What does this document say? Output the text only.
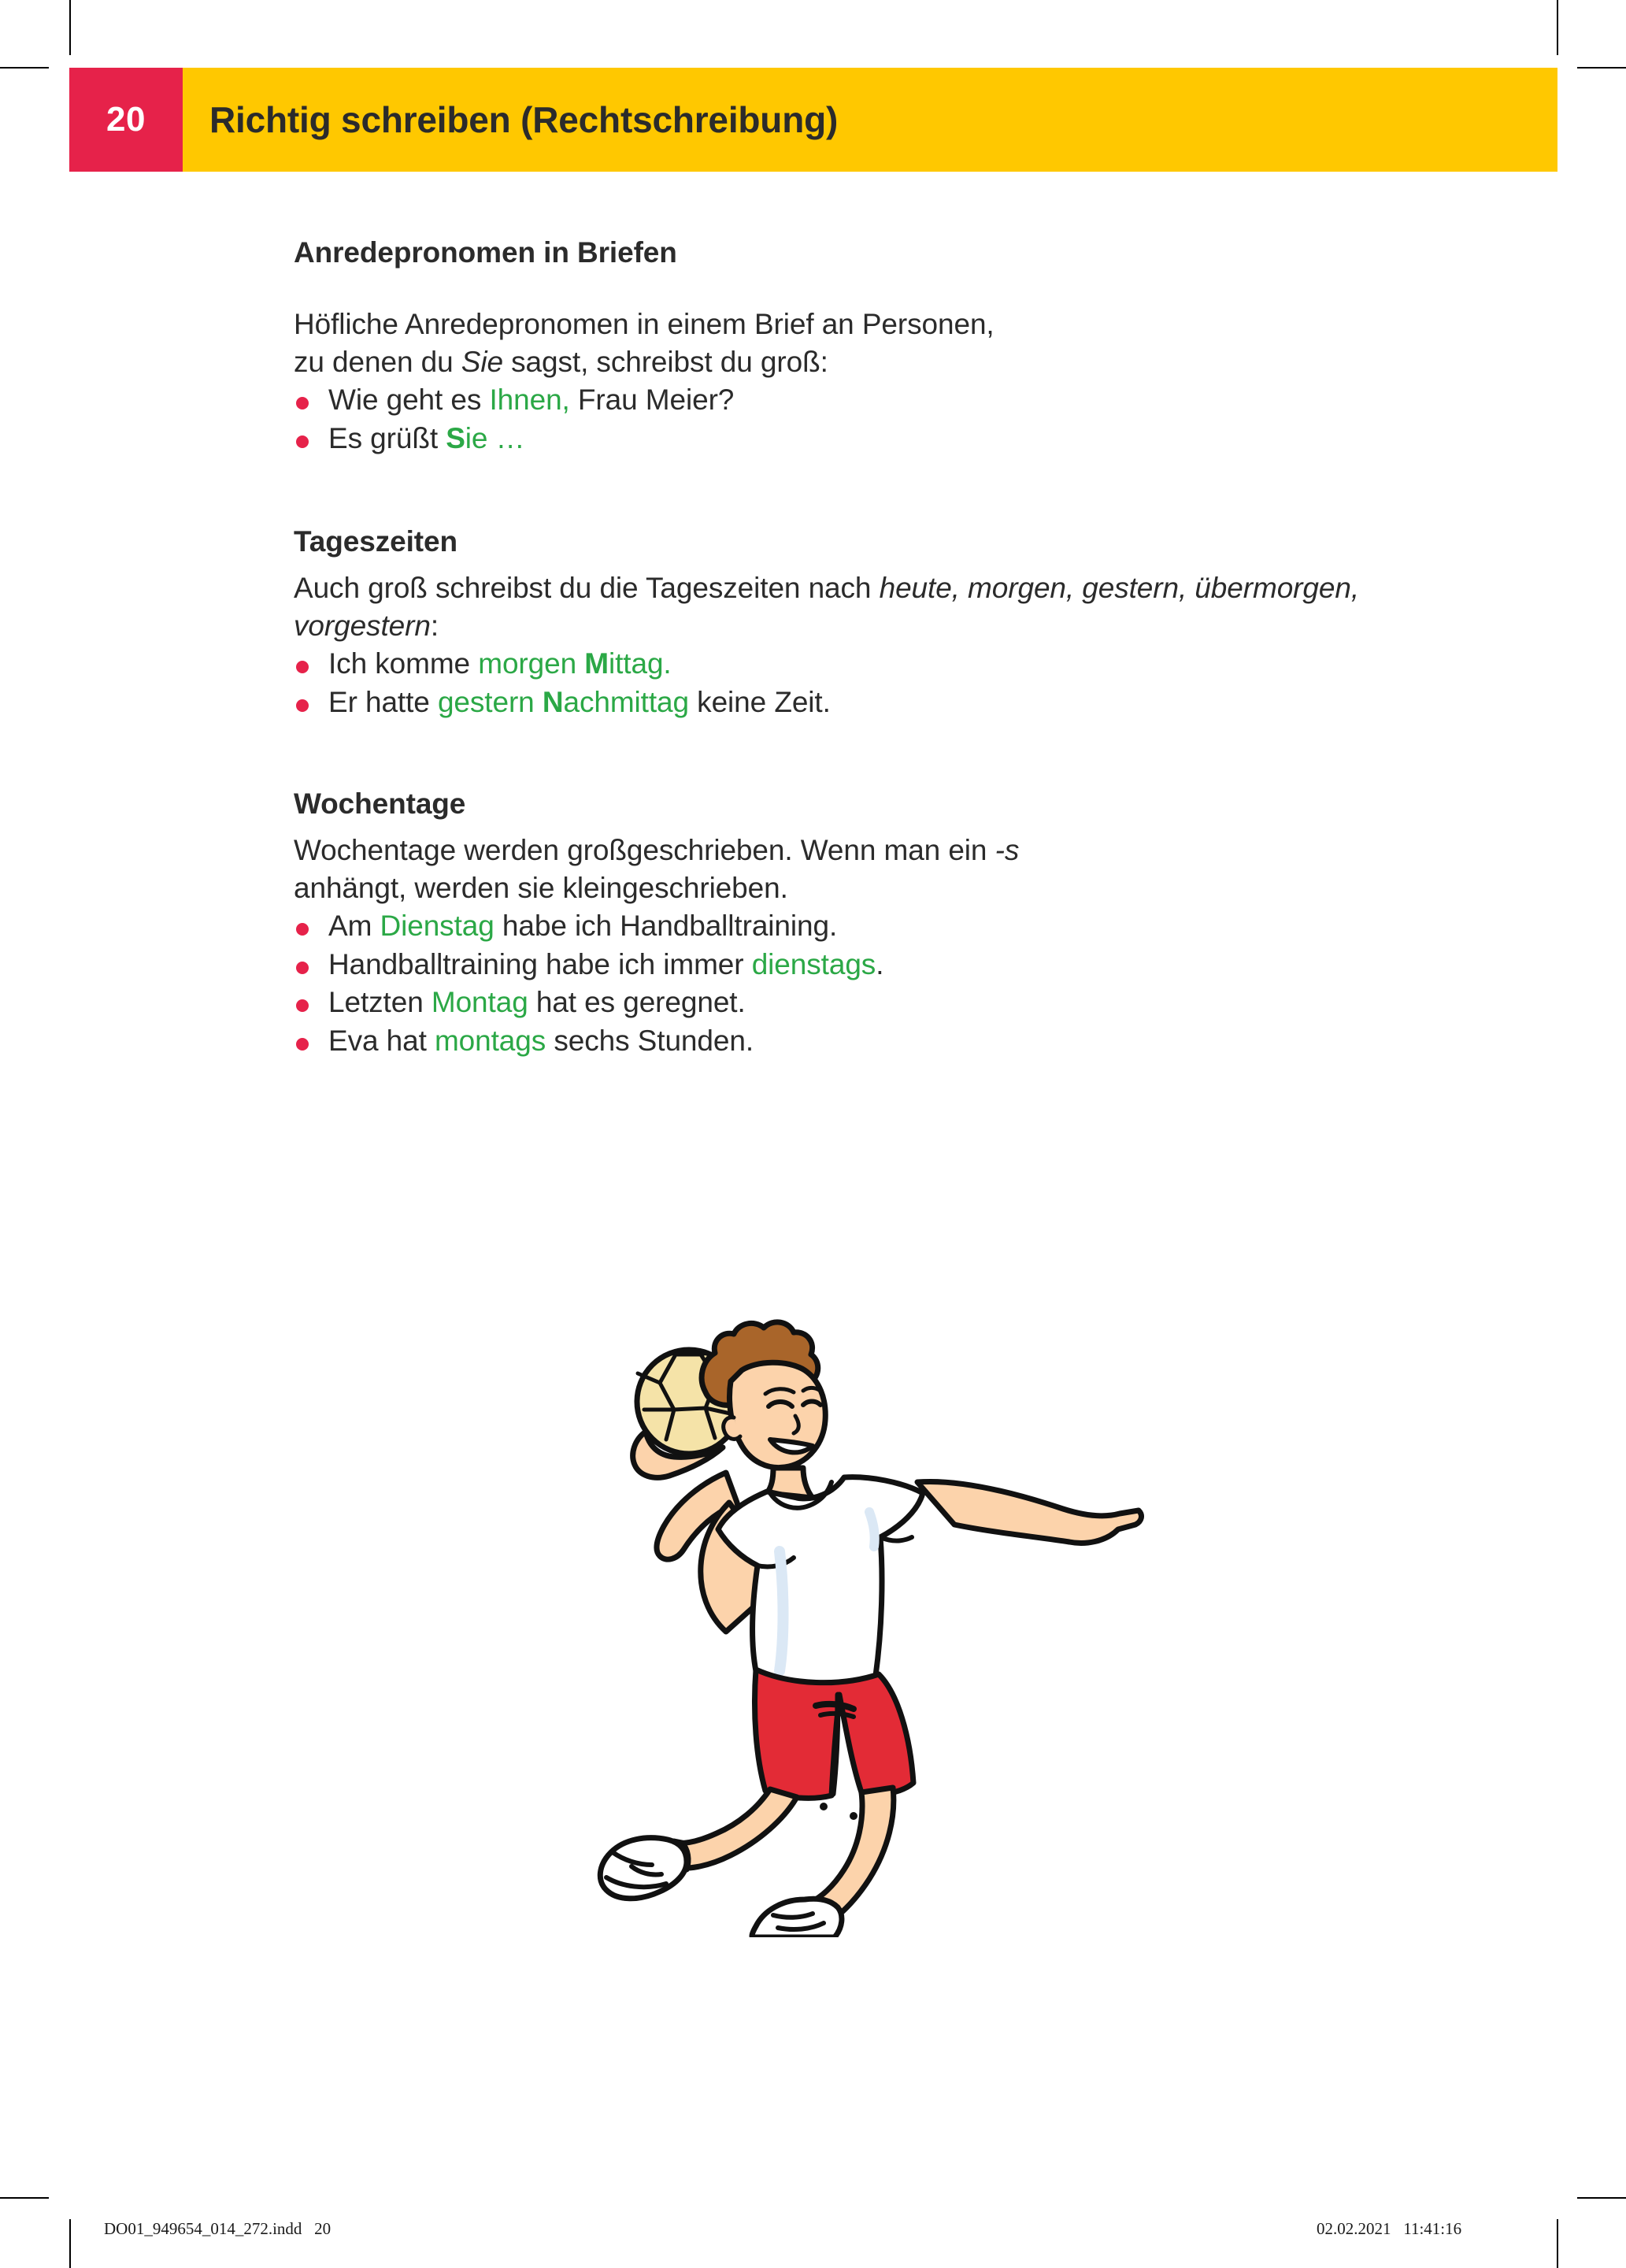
20	Richtig schreiben (Rechtschreibung)
Anredepronomen in Briefen

Höfliche Anredepronomen in einem Brief an Personen,
zu denen du Sie sagst, schreibst du groß:

Wie geht es Ihnen, Frau Meier?
Es grüßt Sie …
Tageszeiten

Auch groß schreibst du die Tageszeiten nach heute, morgen, gestern, übermorgen, vorgestern:

Ich komme morgen Mittag.
Er hatte gestern Nachmittag keine Zeit.
Wochentage

Wochentage werden großgeschrieben. Wenn man ein -s
anhängt, werden sie kleingeschrieben.

Am Dienstag habe ich Handballtraining.
Handballtraining habe ich immer dienstags.
Letzten Montag hat es geregnet.
Eva hat montags sechs Stunden.
DO01_949654_014_272.indd   20	02.02.2021   11:41:16
